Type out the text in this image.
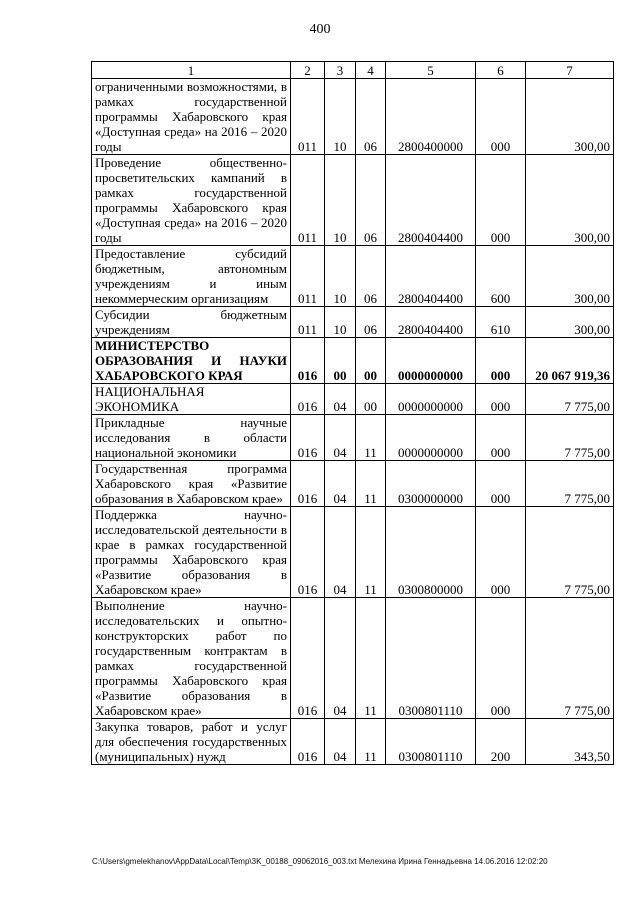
400
1	2	3	4	5	6	7
ограниченными возможностями, в рамках государственной программы Хабаровского края «Доступная среда» на 2016 – 2020 годы	011	10	06	2800400000	000	300,00
Проведение общественно-просветительских кампаний в рамках государственной программы Хабаровского края «Доступная среда» на 2016 – 2020 годы	011	10	06	2800404400	000	300,00
Предоставление субсидий бюджетным, автономным учреждениям и иным некоммерческим организациям	011	10	06	2800404400	600	300,00
Субсидии бюджетным учреждениям	011	10	06	2800404400	610	300,00
МИНИСТЕРСТВО ОБРАЗОВАНИЯ И НАУКИ ХАБАРОВСКОГО КРАЯ	016	00	00	0000000000	000	20 067 919,36
НАЦИОНАЛЬНАЯ ЭКОНОМИКА	016	04	00	0000000000	000	7 775,00
Прикладные научные исследования в области национальной экономики	016	04	11	0000000000	000	7 775,00
Государственная программа Хабаровского края «Развитие образования в Хабаровском крае»	016	04	11	0300000000	000	7 775,00
Поддержка научно-исследовательской деятельности в крае в рамках государственной программы Хабаровского края «Развитие образования в Хабаровском крае»	016	04	11	0300800000	000	7 775,00
Выполнение научно-исследовательских и опытно-конструкторских работ по государственным контрактам в рамках государственной программы Хабаровского края «Развитие образования в Хабаровском крае»	016	04	11	0300801110	000	7 775,00
Закупка товаров, работ и услуг для обеспечения государственных (муниципальных) нужд	016	04	11	0300801110	200	343,50
C:\Users\gmelekhanov\AppData\Local\Temp\3K_00188_09062016_003.txt Мелехина Ирина Геннадьевна 14.06.2016 12:02:20
